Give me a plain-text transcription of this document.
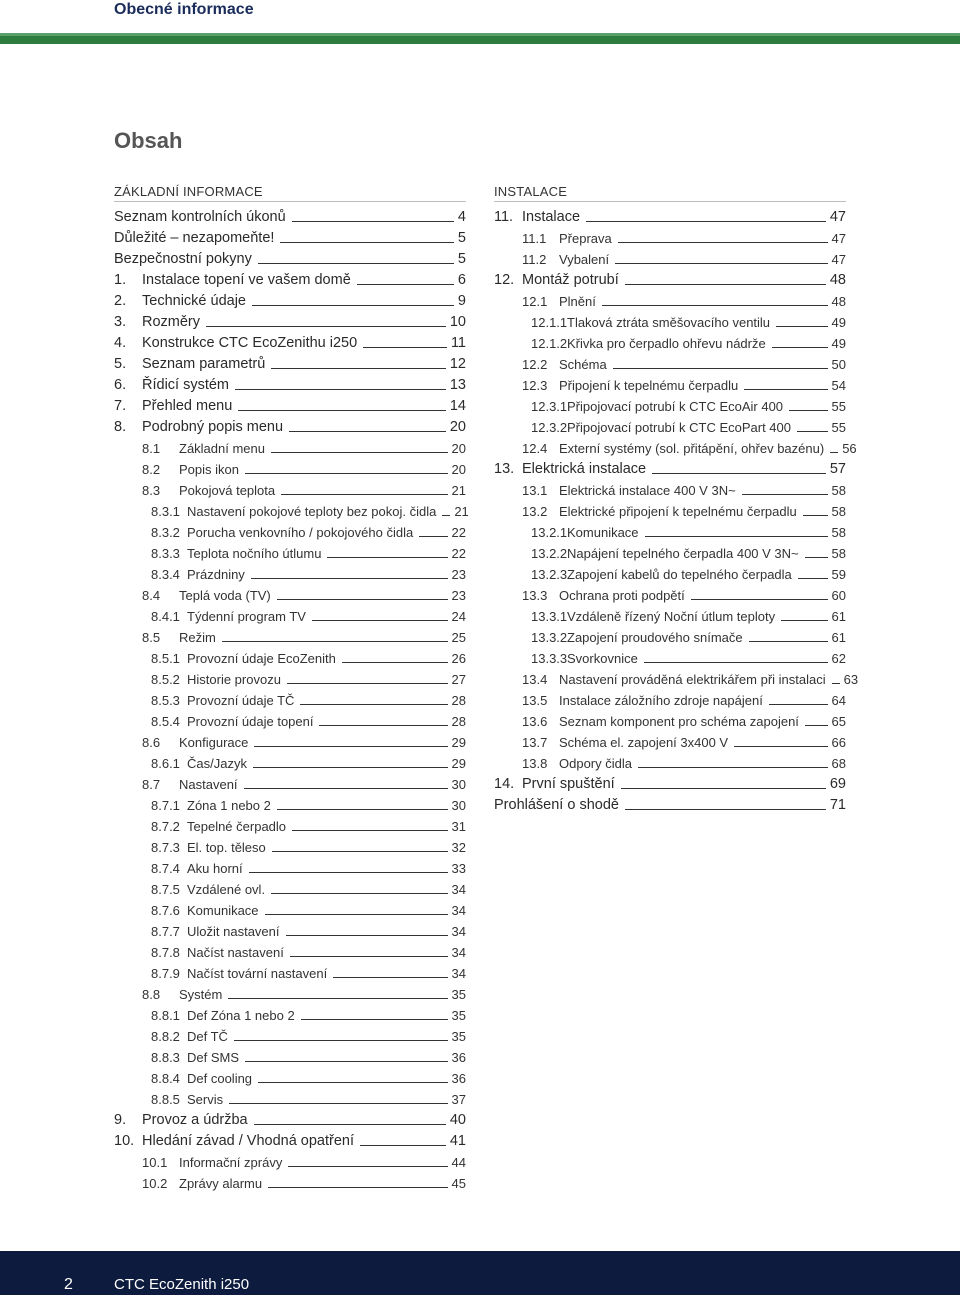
Obecné informace
Obsah
ZÁKLADNÍ INFORMACE
Seznam kontrolních úkonů	4
Důležité – nezapomeňte!	5
Bezpečnostní pokyny	5
1.	Instalace topení ve vašem domě	6
2.	Technické údaje	9
3.	Rozměry	10
4.	Konstrukce CTC EcoZenithu i250	11
5.	Seznam parametrů	12
6.	Řídicí systém	13
7.	Přehled menu	14
8.	Podrobný popis menu	20
8.1	Základní menu	20
8.2	Popis ikon	20
8.3	Pokojová teplota	21
8.3.1 Nastavení pokojové teploty bez pokoj. čidla 21
8.3.2 Porucha venkovního / pokojového čidla	22
8.3.3 Teplota nočního útlumu	22
8.3.4 Prázdniny	23
8.4	Teplá voda (TV)	23
8.4.1 Týdenní program TV	24
8.5	Režim	25
8.5.1 Provozní údaje EcoZenith	26
8.5.2 Historie provozu	27
8.5.3 Provozní údaje TČ	28
8.5.4 Provozní údaje topení	28
8.6	Konfigurace	29
8.6.1 Čas/Jazyk	29
8.7	Nastavení	30
8.7.1 Zóna 1 nebo 2	30
8.7.2 Tepelné čerpadlo	31
8.7.3 El. top. těleso	32
8.7.4 Aku horní	33
8.7.5 Vzdálené ovl.	34
8.7.6 Komunikace	34
8.7.7 Uložit nastavení	34
8.7.8 Načíst nastavení	34
8.7.9 Načíst tovární nastavení	34
8.8	Systém	35
8.8.1 Def Zóna 1 nebo 2	35
8.8.2 Def TČ	35
8.8.3 Def SMS	36
8.8.4 Def cooling	36
8.8.5 Servis	37
9.	Provoz a údržba	40
10. Hledání závad / Vhodná opatření	41
10.1 Informační zprávy	44
10.2 Zprávy alarmu	45
INSTALACE
11. Instalace	47
11.1 Přeprava	47
11.2 Vybalení	47
12. Montáž potrubí	48
12.1 Plnění	48
12.1.1 Tlaková ztráta směšovacího ventilu	49
12.1.2 Křivka pro čerpadlo ohřevu nádrže	49
12.2 Schéma	50
12.3 Připojení k tepelnému čerpadlu	54
12.3.1 Připojovací potrubí k CTC EcoAir 400	55
12.3.2 Připojovací potrubí k CTC EcoPart 400	55
12.4 Externí systémy (sol. přitápění, ohřev bazénu) 56
13. Elektrická instalace	57
13.1 Elektrická instalace 400 V 3N~	58
13.2 Elektrické připojení k tepelnému čerpadlu	58
13.2.1 Komunikace	58
13.2.2 Napájení tepelného čerpadla 400 V 3N~	58
13.2.3 Zapojení kabelů do tepelného čerpadla	59
13.3 Ochrana proti podpětí	60
13.3.1 Vzdáleně řízený Noční útlum teploty	61
13.3.2 Zapojení proudového snímače	61
13.3.3 Svorkovnice	62
13.4 Nastavení prováděná elektrikářem při instalaci 63
13.5 Instalace záložního zdroje napájení	64
13.6 Seznam komponent pro schéma zapojení	65
13.7 Schéma el. zapojení 3x400 V	66
13.8 Odpory čidla	68
14. První spuštění	69
Prohlášení o shodě	71
2	CTC EcoZenith i250
